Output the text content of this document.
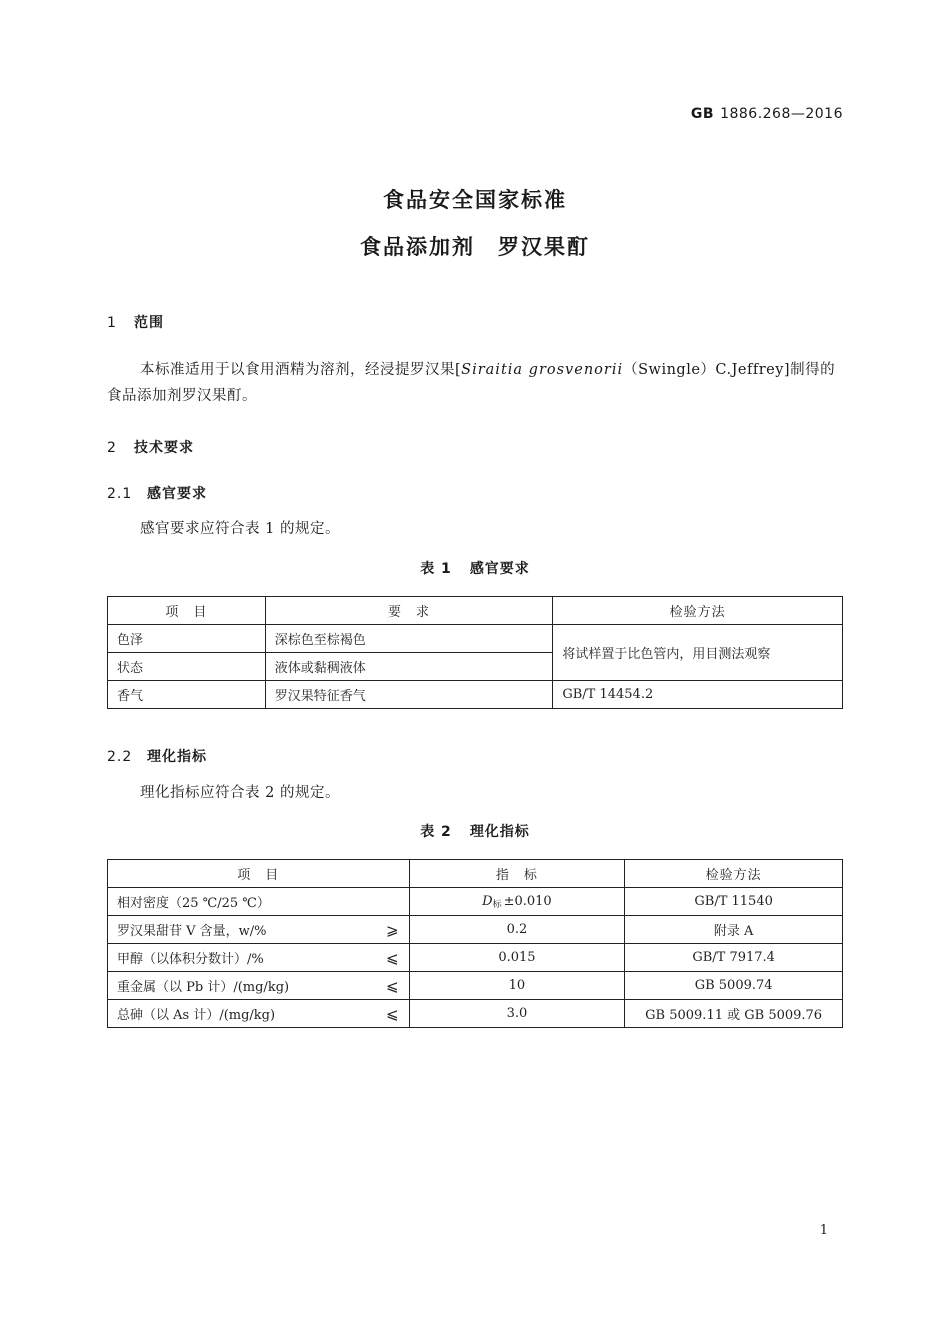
GB 1886.268—2016
食品安全国家标准
食品添加剂　罗汉果酊
1 范围
本标准适用于以食用酒精为溶剂，经浸提罗汉果[Siraitia grosvenorii（Swingle）C.Jeffrey]制得的食品添加剂罗汉果酊。
2 技术要求
2.1 感官要求
感官要求应符合表 1 的规定。
表 1 感官要求
项　目	要　求	检验方法
色泽	深棕色至棕褐色	将试样置于比色管内，用目测法观察
状态	液体或黏稠液体	
香气	罗汉果特征香气	GB/T 14454.2
2.2 理化指标
理化指标应符合表 2 的规定。
表 2 理化指标
项　目	指　标	检验方法
相对密度（25 ℃/25 ℃）	$D_标 \pm 0.010$	GB/T 11540
罗汉果甜苷 V 含量，w/% ⩾	0.2	附录 A
甲醇（以体积分数计）/% ⩽	0.015	GB/T 7917.4
重金属（以 Pb 计）/(mg/kg) ⩽	10	GB 5009.74
总砷（以 As 计）/(mg/kg) ⩽	3.0	GB 5009.11 或 GB 5009.76
1
